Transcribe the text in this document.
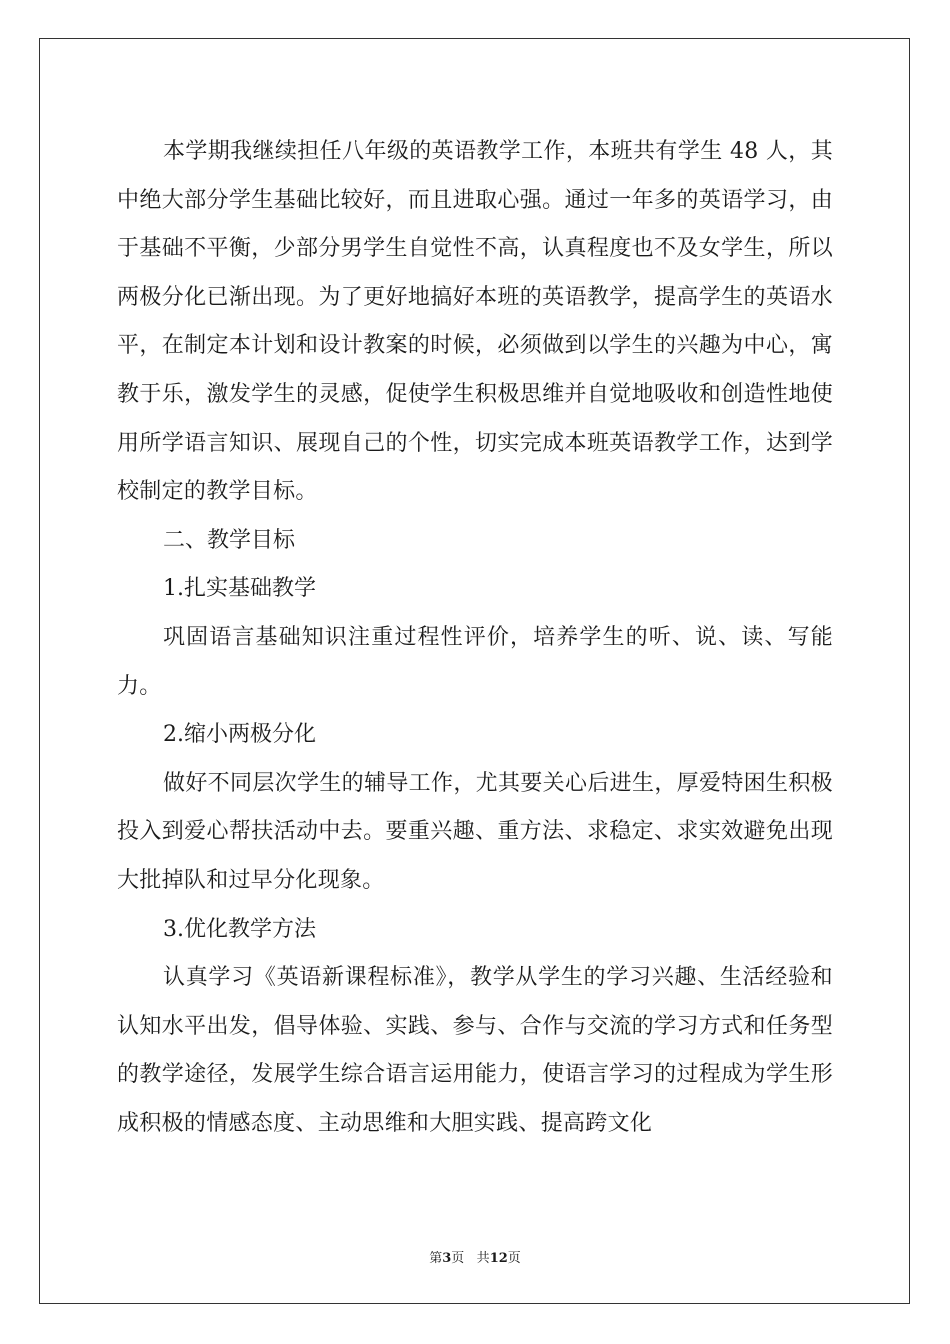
本学期我继续担任八年级的英语教学工作，本班共有学生 48 人，其中绝大部分学生基础比较好，而且进取心强。通过一年多的英语学习，由于基础不平衡，少部分男学生自觉性不高，认真程度也不及女学生，所以两极分化已渐出现。为了更好地搞好本班的英语教学，提高学生的英语水平，在制定本计划和设计教案的时候，必须做到以学生的兴趣为中心，寓教于乐，激发学生的灵感，促使学生积极思维并自觉地吸收和创造性地使用所学语言知识、展现自己的个性，切实完成本班英语教学工作，达到学校制定的教学目标。

二、教学目标

1.扎实基础教学

巩固语言基础知识注重过程性评价，培养学生的听、说、读、写能力。

2.缩小两极分化

做好不同层次学生的辅导工作，尤其要关心后进生，厚爱特困生积极投入到爱心帮扶活动中去。要重兴趣、重方法、求稳定、求实效避免出现大批掉队和过早分化现象。

3.优化教学方法

认真学习《英语新课程标准》，教学从学生的学习兴趣、生活经验和认知水平出发，倡导体验、实践、参与、合作与交流的学习方式和任务型的教学途径，发展学生综合语言运用能力，使语言学习的过程成为学生形成积极的情感态度、主动思维和大胆实践、提高跨文化

第3页 共12页
